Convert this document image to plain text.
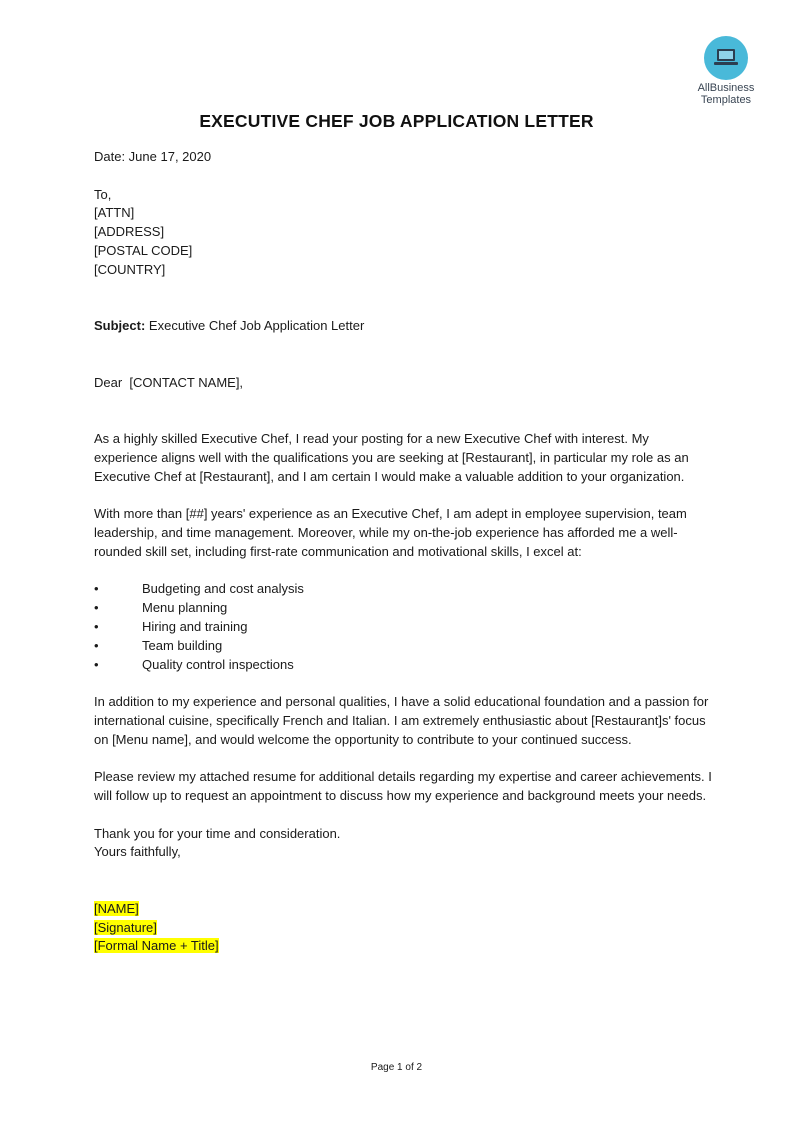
AllBusiness
Templates
EXECUTIVE CHEF JOB APPLICATION LETTER

Date: June 17, 2020

To,

[ATTN]

[ADDRESS]

[POSTAL CODE]

[COUNTRY]

Subject: Executive Chef Job Application Letter

Dear  [CONTACT NAME],

As a highly skilled Executive Chef, I read your posting for a new Executive Chef with interest. My experience aligns well with the qualifications you are seeking at [Restaurant], in particular my role as an Executive Chef at [Restaurant], and I am certain I would make a valuable addition to your organization.

With more than [##] years' experience as an Executive Chef, I am adept in employee supervision, team leadership, and time management. Moreover, while my on-the-job experience has afforded me a well-rounded skill set, including first-rate communication and motivational skills, I excel at:

•	Budgeting and cost analysis
•	Menu planning
•	Hiring and training
•	Team building
•	Quality control inspections

In addition to my experience and personal qualities, I have a solid educational foundation and a passion for international cuisine, specifically French and Italian. I am extremely enthusiastic about [Restaurant]s' focus on [Menu name], and would welcome the opportunity to contribute to your continued success.

Please review my attached resume for additional details regarding my expertise and career achievements. I will follow up to request an appointment to discuss how my experience and background meets your needs.

Thank you for your time and consideration.

Yours faithfully,

[NAME]

[Signature]

[Formal Name + Title]

Page 1 of 2
